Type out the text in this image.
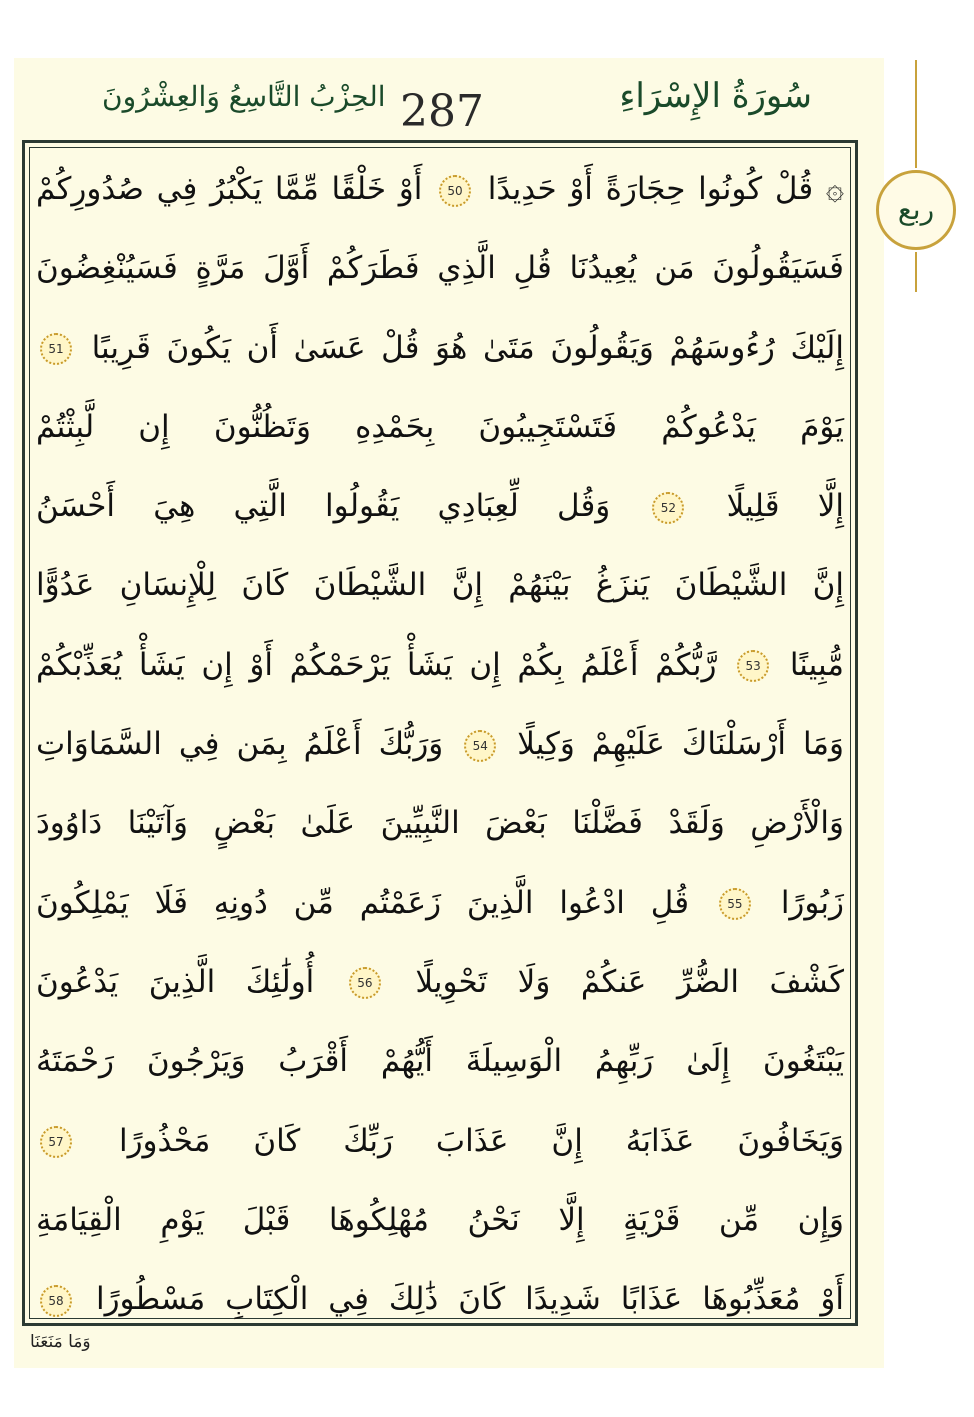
سُورَةُ الإِسْرَاءِ
287
الحِزْبُ التَّاسِعُ وَالعِشْرُونَ
۞ قُلْ كُونُوا حِجَارَةً أَوْ حَدِيدًا 50 أَوْ خَلْقًا مِّمَّا يَكْبُرُ فِي صُدُورِكُمْ
فَسَيَقُولُونَ مَن يُعِيدُنَا قُلِ الَّذِي فَطَرَكُمْ أَوَّلَ مَرَّةٍ فَسَيُنْغِضُونَ
إِلَيْكَ رُءُوسَهُمْ وَيَقُولُونَ مَتَىٰ هُوَ قُلْ عَسَىٰ أَن يَكُونَ قَرِيبًا 51
يَوْمَ يَدْعُوكُمْ فَتَسْتَجِيبُونَ بِحَمْدِهِ وَتَظُنُّونَ إِن لَّبِثْتُمْ
إِلَّا قَلِيلًا 52 وَقُل لِّعِبَادِي يَقُولُوا الَّتِي هِيَ أَحْسَنُ
إِنَّ الشَّيْطَانَ يَنزَغُ بَيْنَهُمْ إِنَّ الشَّيْطَانَ كَانَ لِلْإِنسَانِ عَدُوًّا
مُّبِينًا 53 رَّبُّكُمْ أَعْلَمُ بِكُمْ إِن يَشَأْ يَرْحَمْكُمْ أَوْ إِن يَشَأْ يُعَذِّبْكُمْ
وَمَا أَرْسَلْنَاكَ عَلَيْهِمْ وَكِيلًا 54 وَرَبُّكَ أَعْلَمُ بِمَن فِي السَّمَاوَاتِ
وَالْأَرْضِ وَلَقَدْ فَضَّلْنَا بَعْضَ النَّبِيِّينَ عَلَىٰ بَعْضٍ وَآتَيْنَا دَاوُودَ
زَبُورًا 55 قُلِ ادْعُوا الَّذِينَ زَعَمْتُم مِّن دُونِهِ فَلَا يَمْلِكُونَ
كَشْفَ الضُّرِّ عَنكُمْ وَلَا تَحْوِيلًا 56 أُولَٰئِكَ الَّذِينَ يَدْعُونَ
يَبْتَغُونَ إِلَىٰ رَبِّهِمُ الْوَسِيلَةَ أَيُّهُمْ أَقْرَبُ وَيَرْجُونَ رَحْمَتَهُ
وَيَخَافُونَ عَذَابَهُ إِنَّ عَذَابَ رَبِّكَ كَانَ مَحْذُورًا 57
وَإِن مِّن قَرْيَةٍ إِلَّا نَحْنُ مُهْلِكُوهَا قَبْلَ يَوْمِ الْقِيَامَةِ
أَوْ مُعَذِّبُوهَا عَذَابًا شَدِيدًا كَانَ ذَٰلِكَ فِي الْكِتَابِ مَسْطُورًا 58
ربع
وَمَا مَنَعَنَا
